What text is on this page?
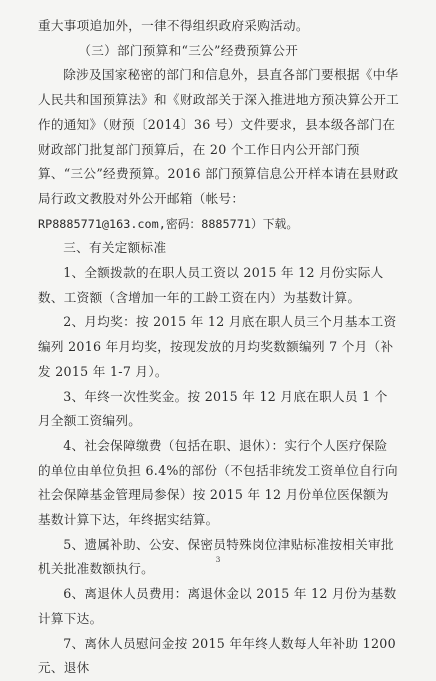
重大事项追加外，一律不得组织政府采购活动。

（三）部门预算和“三公”经费预算公开

除涉及国家秘密的部门和信息外，县直各部门要根据《中华人民共和国预算法》和《财政部关于深入推进地方预决算公开工作的通知》（财预〔2014〕36 号）文件要求，县本级各部门在财政部门批复部门预算后，在 20 个工作日内公开部门预算、“三公”经费预算。2016 部门预算信息公开样本请在县财政局行政文教股对外公开邮箱（帐号：

RP8885771@163.com,密码：8885771）下载。

三、有关定额标准

1、全额拨款的在职人员工资以 2015 年 12 月份实际人数、工资额（含增加一年的工龄工资在内）为基数计算。

2、月均奖：按 2015 年 12 月底在职人员三个月基本工资编列 2016 年月均奖，按现发放的月均奖数额编列 7 个月（补发 2015 年 1-7 月）。

3、年终一次性奖金。按 2015 年 12 月底在职人员 1 个月全额工资编列。

4、社会保障缴费（包括在职、退休）：实行个人医疗保险的单位由单位负担 6.4%的部份（不包括非统发工资单位自行向社会保障基金管理局参保）按 2015 年 12 月份单位医保额为基数计算下达，年终据实结算。

5、遗属补助、公安、保密员特殊岗位津贴标准按相关审批机关批准数额执行。

6、离退休人员费用：离退休金以 2015 年 12 月份为基数计算下达。

7、离休人员慰问金按 2015 年年终人数每人年补助 1200 元、退休

3
